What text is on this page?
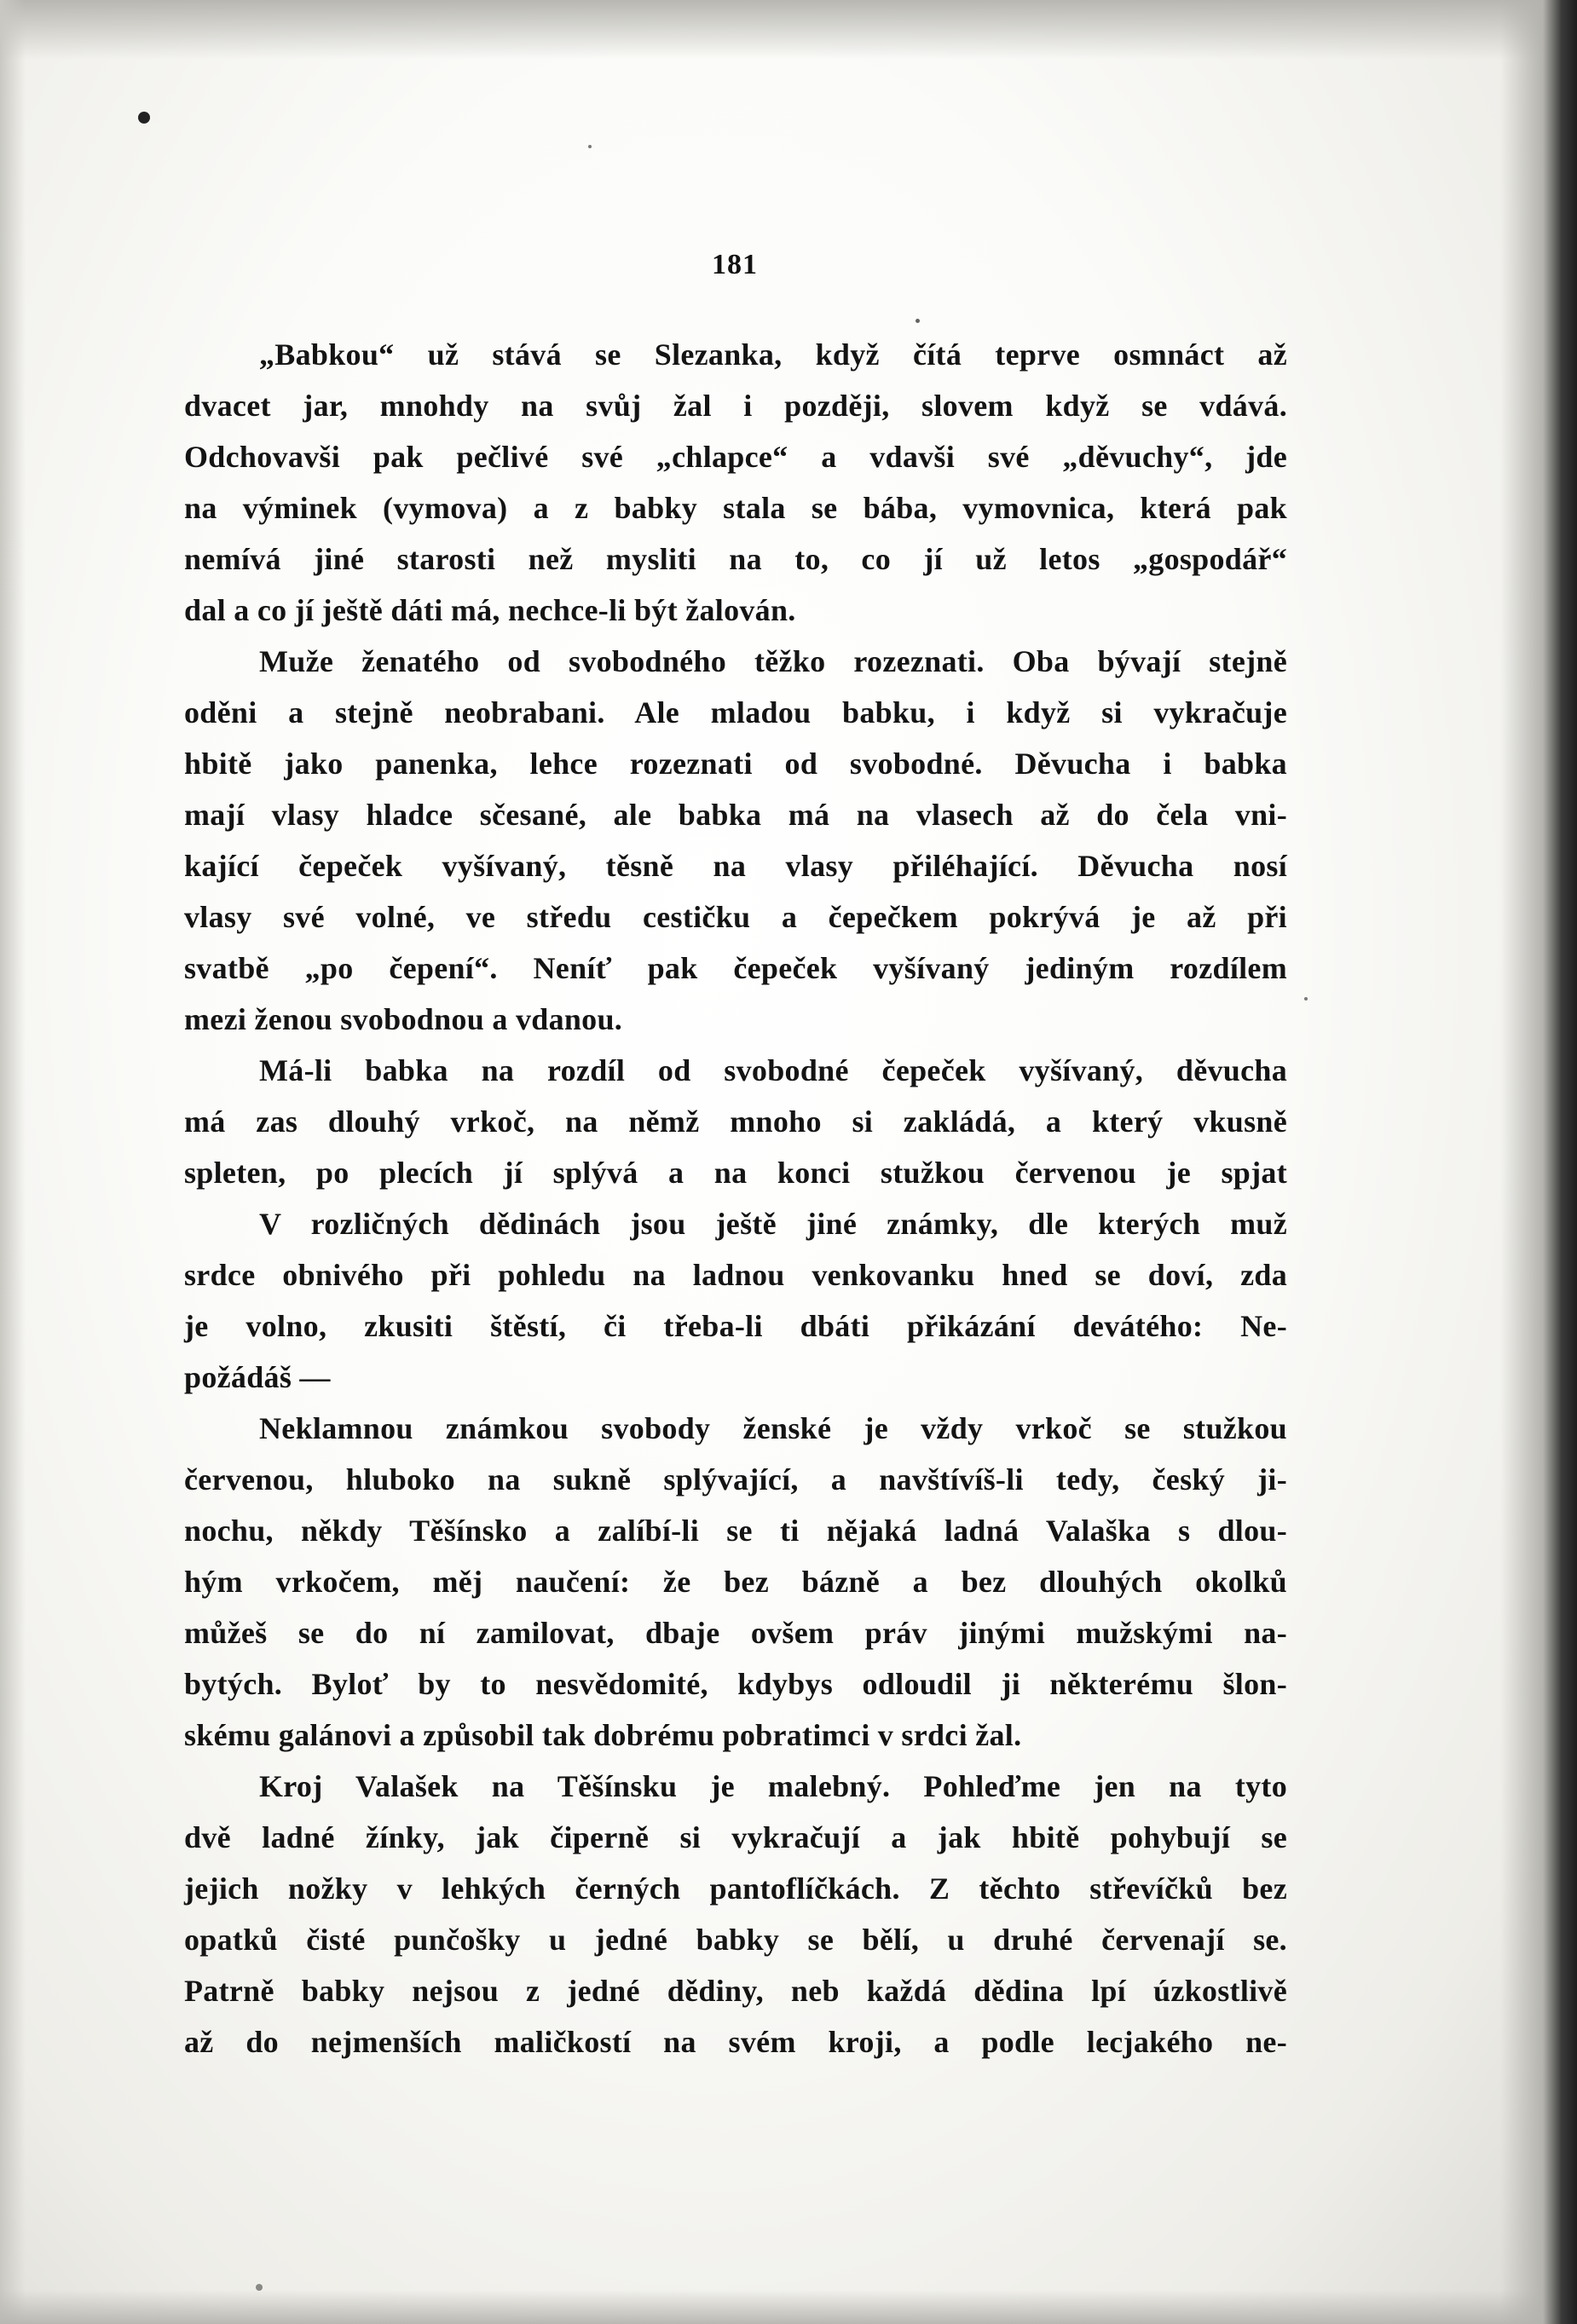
181
„Babkou“ už stává se Slezanka, když čítá teprve osmnáct až
dvacet jar, mnohdy na svůj žal i později, slovem když se vdává.
Odchovavši pak pečlivé své „chlapce“ a vdavši své „děvuchy“, jde
na výminek (vymova) a z babky stala se bába, vymovnica, která pak
nemívá jiné starosti než mysliti na to, co jí už letos „gospodář“
dal a co jí ještě dáti má, nechce-li být žalován.
Muže ženatého od svobodného těžko rozeznati. Oba bývají stejně
oděni a stejně neobrabani. Ale mladou babku, i když si vykračuje
hbitě jako panenka, lehce rozeznati od svobodné. Děvucha i babka
mají vlasy hladce sčesané, ale babka má na vlasech až do čela vni-
kající čepeček vyšívaný, těsně na vlasy přiléhající. Děvucha nosí
vlasy své volné, ve středu cestičku a čepečkem pokrývá je až při
svatbě „po čepení“. Neníť pak čepeček vyšívaný jediným rozdílem
mezi ženou svobodnou a vdanou.
Má-li babka na rozdíl od svobodné čepeček vyšívaný, děvucha
má zas dlouhý vrkoč, na němž mnoho si zakládá, a který vkusně
spleten, po plecích jí splývá a na konci stužkou červenou je spjat
V rozličných dědinách jsou ještě jiné známky, dle kterých muž
srdce obnivého při pohledu na ladnou venkovanku hned se doví, zda
je volno, zkusiti štěstí, či třeba-li dbáti přikázání devátého: Ne-
požádáš —
Neklamnou známkou svobody ženské je vždy vrkoč se stužkou
červenou, hluboko na sukně splývající, a navštívíš-li tedy, český ji-
nochu, někdy Těšínsko a zalíbí-li se ti nějaká ladná Valaška s dlou-
hým vrkočem, měj naučení: že bez bázně a bez dlouhých okolků
můžeš se do ní zamilovat, dbaje ovšem práv jinými mužskými na-
bytých. Byloť by to nesvědomité, kdybys odloudil ji některému šlon-
skému galánovi a způsobil tak dobrému pobratimci v srdci žal.
Kroj Valašek na Těšínsku je malebný. Pohleďme jen na tyto
dvě ladné žínky, jak čiperně si vykračují a jak hbitě pohybují se
jejich nožky v lehkých černých pantoflíčkách. Z těchto střevíčků bez
opatků čisté punčošky u jedné babky se bělí, u druhé červenají se.
Patrně babky nejsou z jedné dědiny, neb každá dědina lpí úzkostlivě
až do nejmenších maličkostí na svém kroji, a podle lecjakého ne-
